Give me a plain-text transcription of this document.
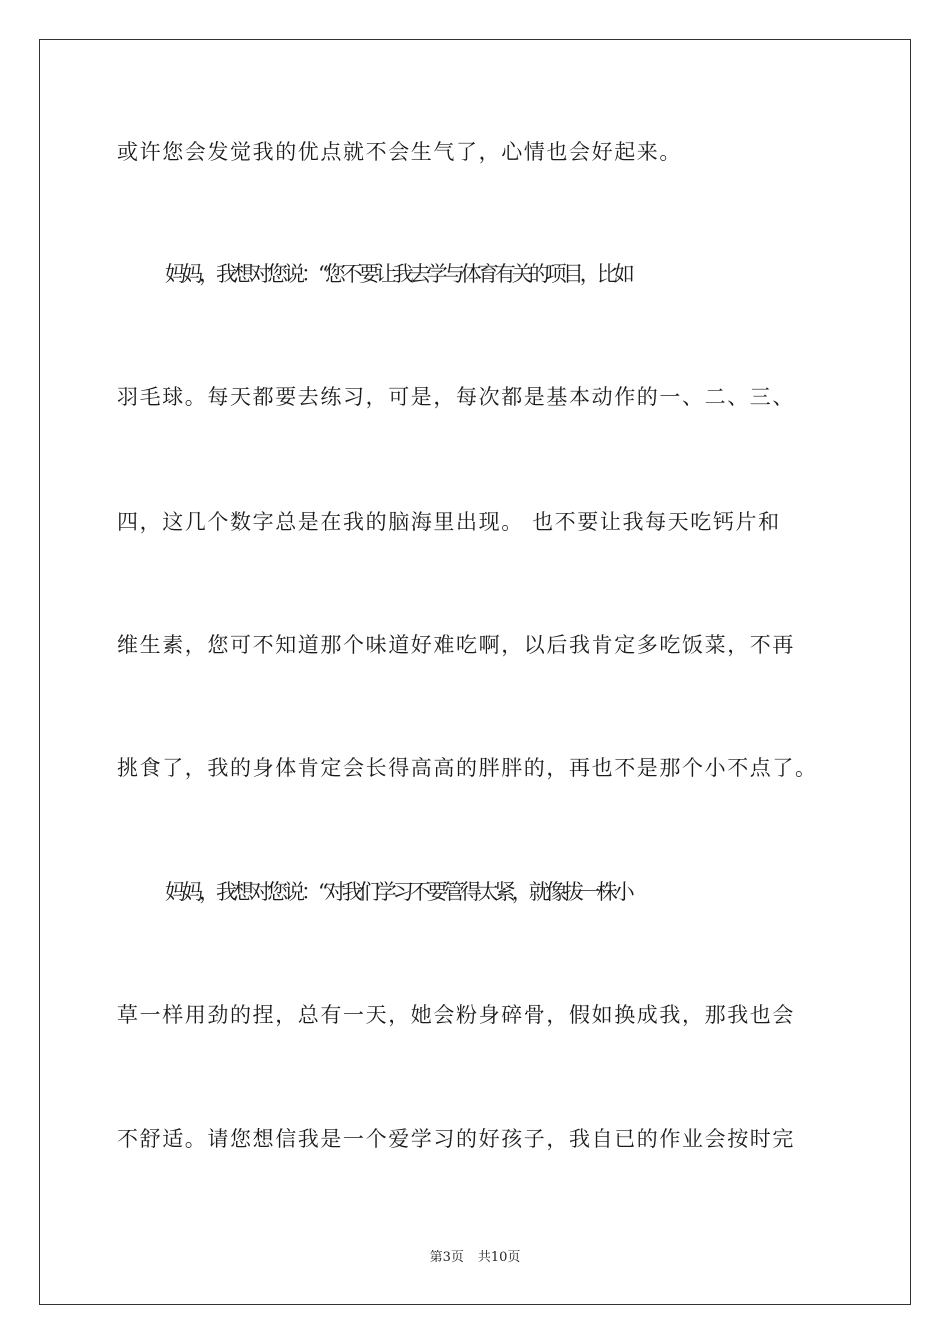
或许您会发觉我的优点就不会生气了，心情也会好起来。
妈妈，我想对您说：“您不要让我去学与体育有关的项目，比如
羽毛球。每天都要去练习，可是，每次都是基本动作的一、二、三、
四，这几个数字总是在我的脑海里出现。 也不要让我每天吃钙片和
维生素，您可不知道那个味道好难吃啊，以后我肯定多吃饭菜，不再
挑食了，我的身体肯定会长得高高的胖胖的，再也不是那个小不点了。
妈妈，我想对您说：“对我们学习不要管得太紧，就像拔一株小
草一样用劲的捏，总有一天，她会粉身碎骨，假如换成我，那我也会
不舒适。请您想信我是一个爱学习的好孩子，我自已的作业会按时完
第3页 共10页
